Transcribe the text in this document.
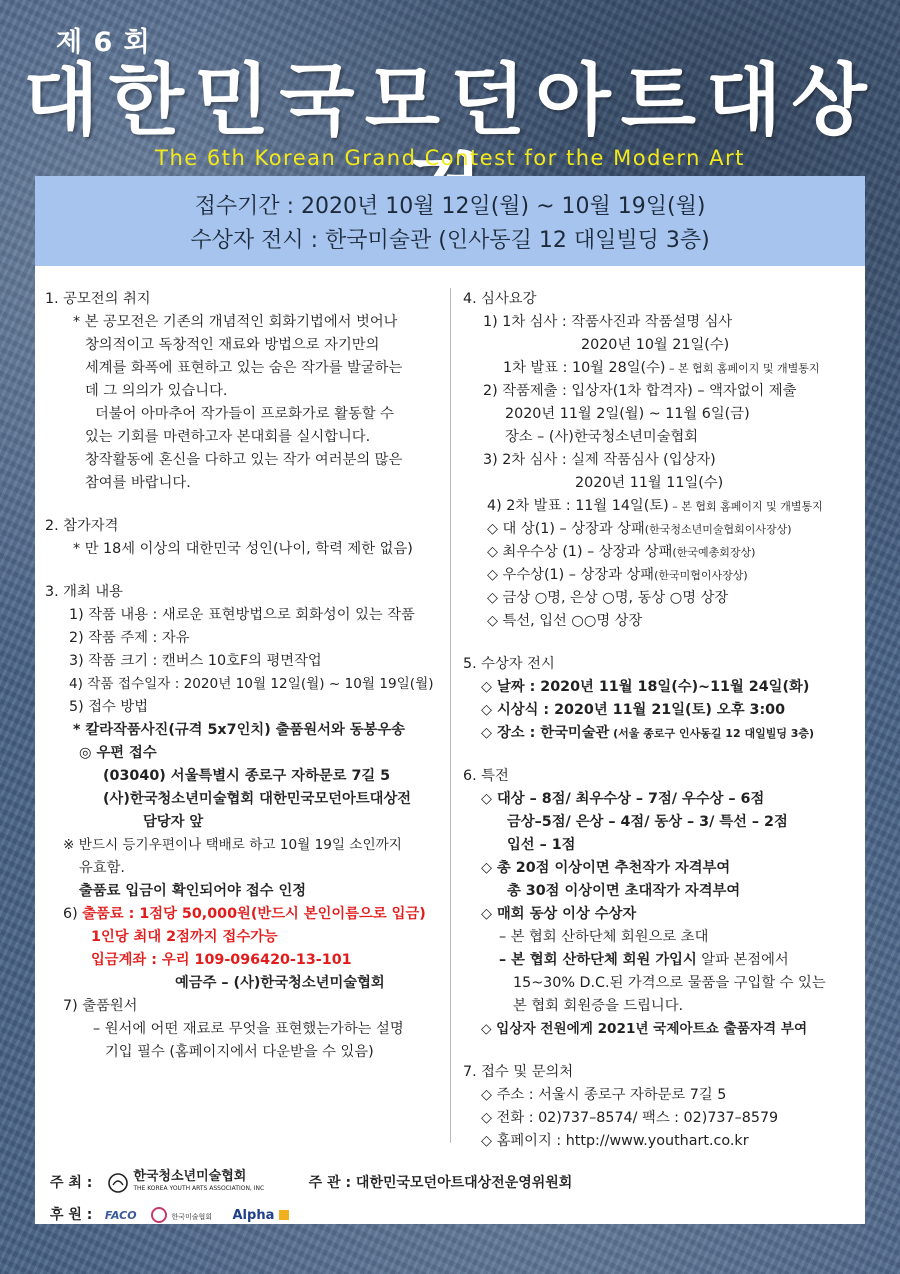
제 6 회
대한민국모던아트대상
The 6th Korean Grand Contest for the Modern Art
접수기간 : 2020년 10월 12일(월) ~ 10월 19일(월)
수상자 전시 : 한국미술관 (인사동길 12 대일빌딩 3층)
1. 공모전의 취지
* 본 공모전은 기존의 개념적인 회화기법에서 벗어나
창의적이고 독창적인 재료와 방법으로 자기만의
세계를 화폭에 표현하고 있는 숨은 작가를 발굴하는
데 그 의의가 있습니다.
더불어 아마추어 작가들이 프로화가로 활동할 수
있는 기회를 마련하고자 본대회를 실시합니다.
창작활동에 혼신을 다하고 있는 작가 여러분의 많은
참여를 바랍니다.
2. 참가자격
* 만 18세 이상의 대한민국 성인(나이, 학력 제한 없음)
3. 개최 내용
1) 작품 내용 : 새로운 표현방법으로 회화성이 있는 작품
2) 작품 주제 : 자유
3) 작품 크기 : 캔버스 10호F의 평면작업
4) 작품 접수일자 : 2020년 10월 12일(월) ~ 10월 19일(월)
5) 접수 방법
* 칼라작품사진(규격 5x7인치) 출품원서와 동봉우송
◎ 우편 접수
(03040) 서울특별시 종로구 자하문로 7길 5
(사)한국청소년미술협회 대한민국모던아트대상전
담당자 앞
※ 반드시 등기우편이나 택배로 하고 10월 19일 소인까지
유효함.
출품료 입금이 확인되어야 접수 인정
6) 출품료 : 1점당 50,000원(반드시 본인이름으로 입금)
1인당 최대 2점까지 접수가능
입금계좌 : 우리 109-096420-13-101
예금주 – (사)한국청소년미술협회
7) 출품원서
– 원서에 어떤 재료로 무엇을 표현했는가하는 설명
기입 필수 (홈페이지에서 다운받을 수 있음)
4. 심사요강
1) 1차 심사 : 작품사진과 작품설명 심사
2020년 10월 21일(수)
1차 발표 : 10월 28일(수) – 본 협회 홈페이지 및 개별통지
2) 작품제출 : 입상자(1차 합격자) – 액자없이 제출
2020년 11월 2일(월) ~ 11월 6일(금)
장소 – (사)한국청소년미술협회
3) 2차 심사 : 실제 작품심사 (입상자)
2020년 11월 11일(수)
4) 2차 발표 : 11월 14일(토) – 본 협회 홈페이지 및 개별통지
◇ 대 상(1) – 상장과 상패(한국청소년미술협회이사장상)
◇ 최우수상 (1) – 상장과 상패(한국예총회장상)
◇ 우수상(1) – 상장과 상패(한국미협이사장상)
◇ 금상 ○명, 은상 ○명, 동상 ○명 상장
◇ 특선, 입선 ○○명 상장
5. 수상자 전시
◇ 날짜 : 2020년 11월 18일(수)~11월 24일(화)
◇ 시상식 : 2020년 11월 21일(토) 오후 3:00
◇ 장소 : 한국미술관 (서울 종로구 인사동길 12 대일빌딩 3층)
6. 특전
◇ 대상 – 8점/ 최우수상 – 7점/ 우수상 – 6점
금상–5점/ 은상 – 4점/ 동상 – 3/ 특선 – 2점
입선 – 1점
◇ 총 20점 이상이면 추천작가 자격부여
총 30점 이상이면 초대작가 자격부여
◇ 매회 동상 이상 수상자
– 본 협회 산하단체 회원으로 초대
– 본 협회 산하단체 회원 가입시 알파 본점에서
15~30% D.C.된 가격으로 물품을 구입할 수 있는
본 협회 회원증을 드립니다.
◇ 입상자 전원에게 2021년 국제아트쇼 출품자격 부여
7. 접수 및 문의처
◇ 주소 : 서울시 종로구 자하문로 7길 5
◇ 전화 : 02)737–8574/ 팩스 : 02)737–8579
◇ 홈페이지 : http://www.youthart.co.kr
주 최 :	한국청소년미술협회
THE KOREA YOUTH ARTS ASSOCIATION, INC	주 관 : 대한민국모던아트대상전운영위원회
후 원 : FACO	한국미술협회 Alpha
